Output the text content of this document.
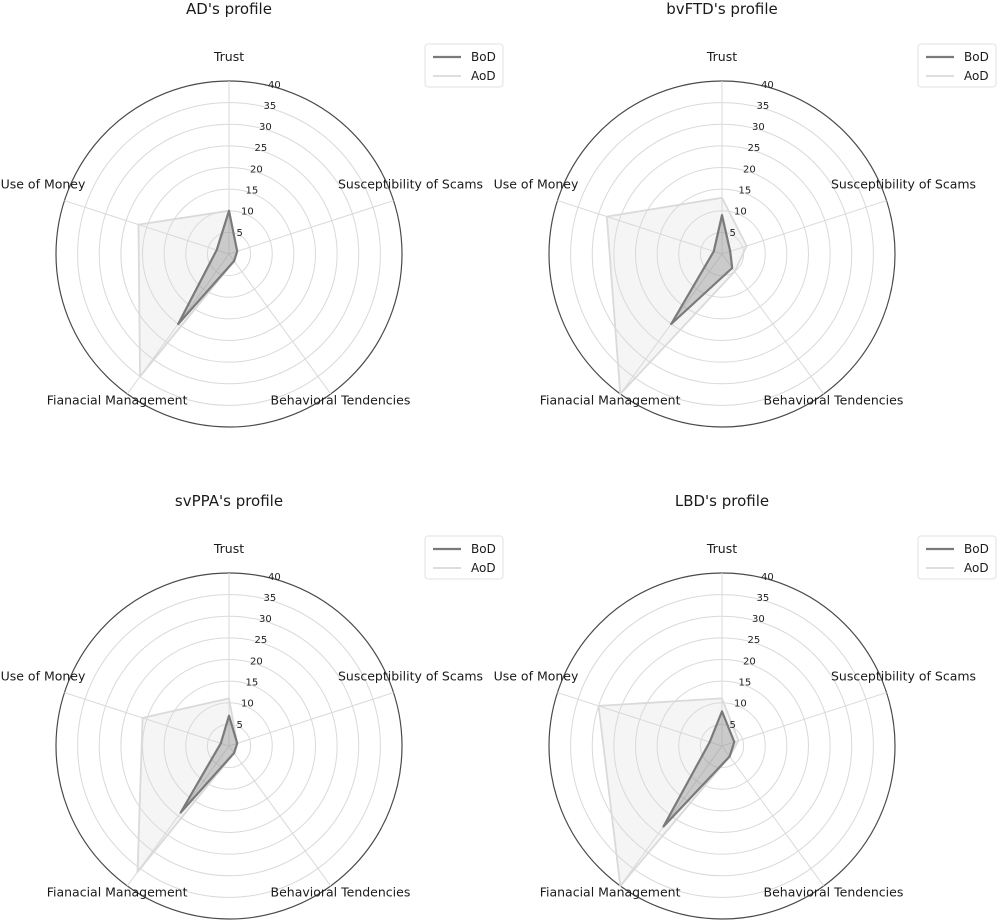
5
10
15
20
25
30
35
40
Trust
Susceptibility of Scams
Behavioral Tendencies
Fianacial Management
Use of Money
AD's profile
BoD
AoD
5
10
15
20
25
30
35
40
Trust
Susceptibility of Scams
Behavioral Tendencies
Fianacial Management
Use of Money
bvFTD's profile
BoD
AoD
5
10
15
20
25
30
35
40
Trust
Susceptibility of Scams
Behavioral Tendencies
Fianacial Management
Use of Money
svPPA's profile
BoD
AoD
5
10
15
20
25
30
35
40
Trust
Susceptibility of Scams
Behavioral Tendencies
Fianacial Management
Use of Money
LBD's profile
BoD
AoD
